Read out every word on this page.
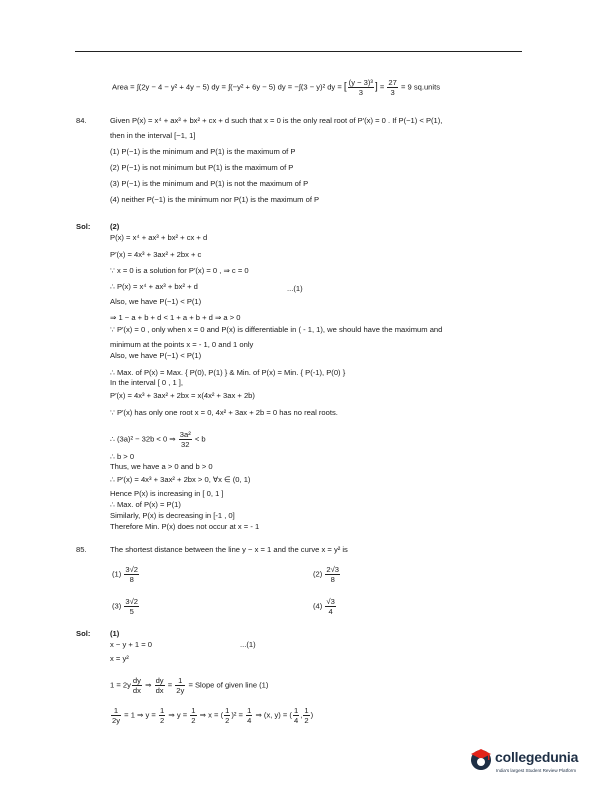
Area = ∫(2y − 4 − y² + 4y − 5) dy = ∫(−y² + 6y − 5) dy = −∫(3 − y)² dy = [ $\frac{\text{(y − 3)³}}{3}$ ] = $\frac{27}{3} = 9$ sq.units
84.	Given P(x) = x⁴ + ax³ + bx² + cx + d such that x = 0 is the only real root of P′(x) = 0 . If P(−1) < P(1),
then in the interval [−1, 1]
(1) P(−1) is the minimum and P(1) is the maximum of P
(2) P(−1) is not minimum but P(1) is the maximum of P
(3) P(−1) is the minimum and P(1) is not the maximum of P
(4) neither P(−1) is the minimum nor P(1) is the maximum of P
Sol:	(2)
P(x) = x⁴ + ax³ + bx² + cx + d
P′(x) = 4x³ + 3ax² + 2bx + c
∵ x = 0 is a solution for P′(x) = 0 , ⇒ c = 0
∴ P(x) = x⁴ + ax³ + bx² + d	...(1)
Also, we have P(−1) < P(1)
⇒ 1 − a + b + d < 1 + a + b + d ⇒ a > 0
∵ P′(x) = 0 , only when x = 0 and P(x) is differentiable in ( - 1, 1), we should have the maximum and
minimum at the points x = - 1, 0 and 1 only
Also, we have P(−1) < P(1)
∴ Max. of P(x) = Max. { P(0), P(1) } & Min. of P(x) = Min. { P(-1), P(0) }
In the interval [ 0 , 1 ],
P′(x) = 4x³ + 3ax² + 2bx = x(4x² + 3ax + 2b)
∵ P′(x) has only one root x = 0, 4x² + 3ax + 2b = 0 has no real roots.
∴ (3a)² − 32b < 0 ⇒ $\frac{\text{3a²}}{32} < b$
∴ b > 0
Thus, we have a > 0 and b > 0
∴ P′(x) = 4x³ + 3ax² + 2bx > 0, ∀x ∈ (0, 1)
Hence P(x) is increasing in [ 0, 1 ]
∴ Max. of P(x) = P(1)
Similarly, P(x) is decreasing in [-1 , 0]
Therefore Min. P(x) does not occur at x = - 1
85.	The shortest distance between the line y − x = 1 and the curve x = y² is
$(1) \frac{3√2}{8}$	$(2) \frac{2√3}{8}$
$(3) \frac{3√2}{5}$	$(4) \frac{√3}{4}$
Sol:	(1)
x − y + 1 = 0	...(1)
x = y²
$1 = 2y \frac{dy}{dx}$ ⇒ $\frac{dy}{dx} = \frac{1}{2y}$ = Slope of given line (1)
$\frac{1}{2y} = 1$ ⇒ $y = \frac{1}{2}$ ⇒ $y = \frac{1}{2}$ ⇒ x = ( $\frac{1}{2} )^2 = \frac{1}{4}$ ⇒ (x, y) = ( $\frac{1}{4}$ , $\frac{1}{2}$ )
collegedunia
India's largest Student Review Platform
